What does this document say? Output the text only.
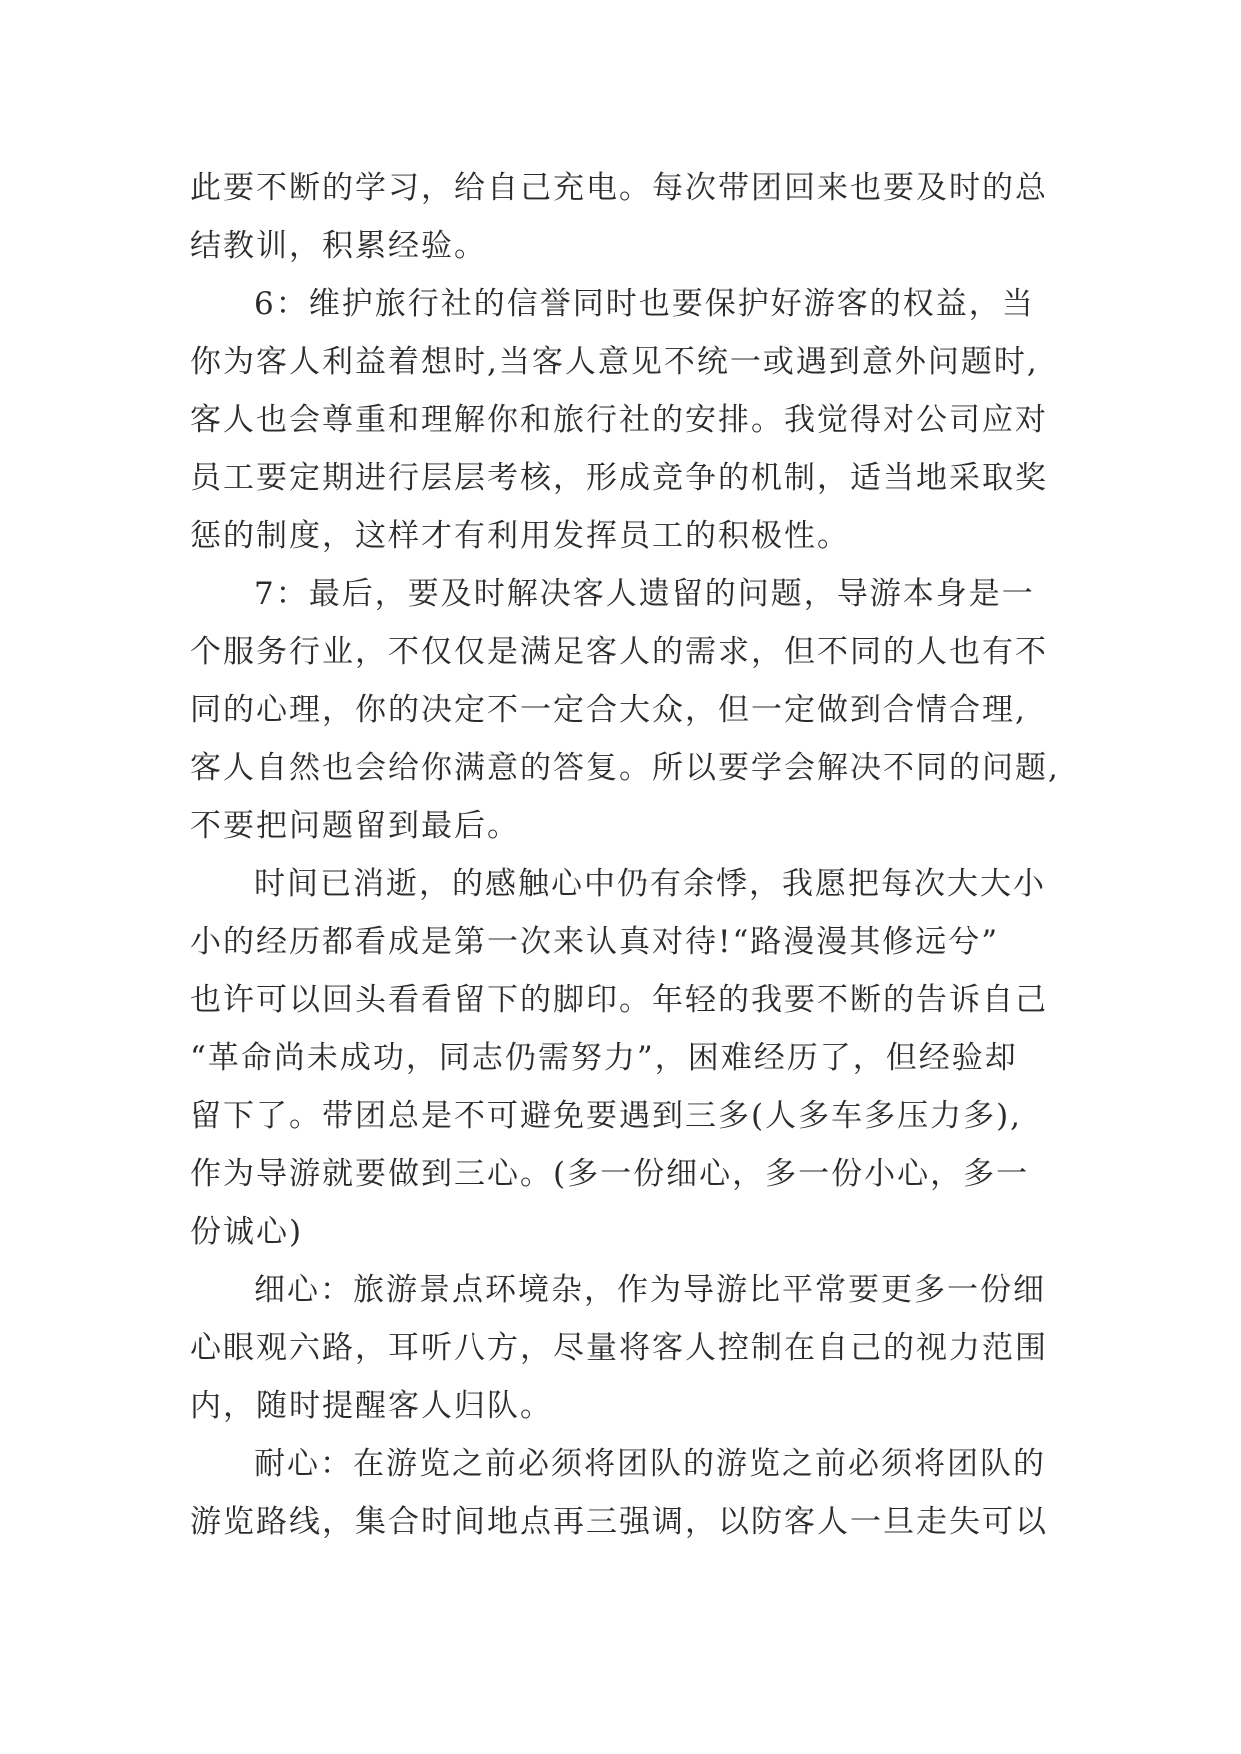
此要不断的学习，给自己充电。每次带团回来也要及时的总
结教训，积累经验。
6：维护旅行社的信誉同时也要保护好游客的权益，当
你为客人利益着想时,当客人意见不统一或遇到意外问题时,
客人也会尊重和理解你和旅行社的安排。我觉得对公司应对
员工要定期进行层层考核，形成竞争的机制，适当地采取奖
惩的制度，这样才有利用发挥员工的积极性。
7：最后，要及时解决客人遗留的问题，导游本身是一
个服务行业，不仅仅是满足客人的需求，但不同的人也有不
同的心理，你的决定不一定合大众，但一定做到合情合理,
客人自然也会给你满意的答复。所以要学会解决不同的问题,
不要把问题留到最后。
时间已消逝，的感触心中仍有余悸，我愿把每次大大小
小的经历都看成是第一次来认真对待!“路漫漫其修远兮”
也许可以回头看看留下的脚印。年轻的我要不断的告诉自己
“革命尚未成功，同志仍需努力”，困难经历了，但经验却
留下了。带团总是不可避免要遇到三多(人多车多压力多),
作为导游就要做到三心。(多一份细心，多一份小心，多一
份诚心)
细心：旅游景点环境杂，作为导游比平常要更多一份细
心眼观六路，耳听八方，尽量将客人控制在自己的视力范围
内，随时提醒客人归队。
耐心：在游览之前必须将团队的游览之前必须将团队的
游览路线，集合时间地点再三强调，以防客人一旦走失可以
